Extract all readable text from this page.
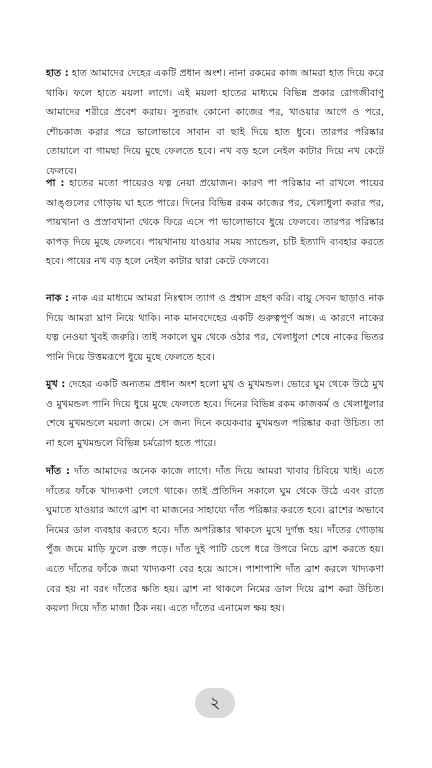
হাত : হাত আমাদের দেহের একটি প্রধান অংশ। নানা রকমের কাজ আমরা হাত দিয়ে করে থাকি। ফলে হাতে ময়লা লাগে। এই ময়লা হাতের মাধ্যমে বিভিন্ন প্রকার রোগজীবাণু আমাদের শরীরে প্রবেশ করায়। সুতরাং কোনো কাজের পর, খাওয়ার আগে ও পরে, শৌচকাজ করার পরে ভালোভাবে সাবান বা ছাই দিয়ে হাত ধুবে। তারপর পরিষ্কার তোয়ালে বা গামছা দিয়ে মুছে ফেলতে হবে। নখ বড় হলে নেইল কাটার দিয়ে নখ কেটে ফেলবে।

পা : হাতের মতো পায়েরও যত্ন নেয়া প্রয়োজন। কারণ পা পরিষ্কার না রাখলে পায়ের আঙ্গুলের গোড়ায় ঘা হতে পারে। দিনের বিভিন্ন রকম কাজের পর, খেলাধুলা করার পর, পায়খানা ও প্রস্রাবখানা থেকে ফিরে এসে পা ভালোভাবে ধুয়ে ফেলবে। তারপর পরিষ্কার কাপড় দিয়ে মুছে ফেলবে। পায়খানায় যাওয়ার সময় স্যান্ডেল, চটি ইত্যাদি ব্যবহার করতে হবে। পায়ের নখ বড় হলে নেইল কাটার দ্বারা কেটে ফেলবে।

নাক : নাক এর মাধ্যমে আমরা নিঃশ্বাস ত্যাগ ও প্রশ্বাস গ্রহণ করি। বায়ু সেবন ছাড়াও নাক দিয়ে আমরা ঘ্রাণ নিয়ে থাকি। নাক মানবদেহের একটি গুরুত্বপূর্ণ অঙ্গ। এ কারণে নাকের যত্ন নেওয়া খুবই জরুরি। তাই সকালে ঘুম থেকে ওঠার পর, খেলাধুলা শেষে নাকের ভিতর পানি দিয়ে উত্তমরূপে ধুয়ে মুছে ফেলতে হবে।

মুখ : দেহের একটি অন্যতম প্রধান অংশ হলো মুখ ও মুখমন্ডল। ভোরে ঘুম থেকে উঠে মুখ ও মুখমন্ডল পানি দিয়ে ধুয়ে মুছে ফেলতে হবে। দিনের বিভিন্ন রকম কাজকর্ম ও খেলাধুলার শেষে মুখমন্ডলে ময়লা জমে। সে জন্য দিনে কয়েকবার মুখমন্ডল পরিষ্কার করা উচিত। তা না হলে মুখমন্ডলে বিভিন্ন চর্মরোগ হতে পারে।

দাঁত : দাঁত আমাদের অনেক কাজে লাগে। দাঁত দিয়ে আমরা খাবার চিবিয়ে খাই। এতে দাঁতের ফাঁকে খাদ্যকণা লেগে থাকে। তাই প্রতিদিন সকালে ঘুম থেকে উঠে এবং রাতে ঘুমাতে যাওয়ার আগে ব্রাশ বা মাজনের সাহায্যে দাঁত পরিষ্কার করতে হবে। ব্রাশের অভাবে নিমের ডাল ব্যবহার করতে হবে। দাঁত অপরিষ্কার থাকলে মুখে দুর্গন্ধ হয়। দাঁতের গোড়ায় পুঁজ জমে মাড়ি ফুলে রক্ত পড়ে। দাঁত দুই পাটি চেপে ধরে উপরে নিচে ব্রাশ করতে হয়। এতে দাঁতের ফাঁকে জমা খাদ্যকণা বের হয়ে আসে। পাশাপাশি দাঁত ব্রাশ করলে খাদ্যকণা বের হয় না বরং দাঁতের ক্ষতি হয়। ব্রাশ না থাকলে নিমের ডাল দিয়ে ব্রাশ করা উচিত। কয়লা দিয়ে দাঁত মাজা ঠিক নয়। এতে দাঁতের এনামেল ক্ষয় হয়।

২
